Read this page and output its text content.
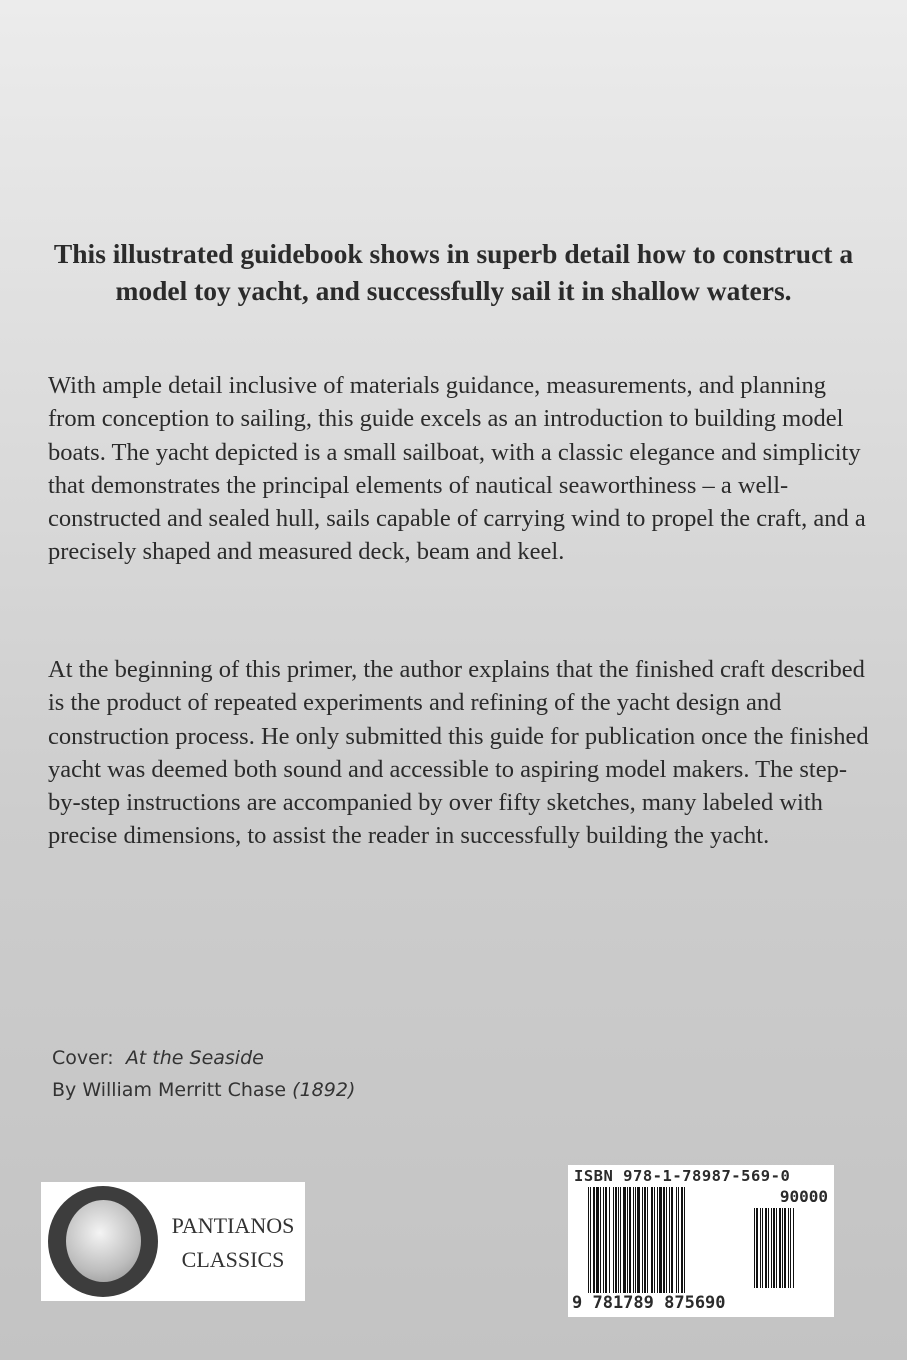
This illustrated guidebook shows in superb detail how to construct a model toy yacht, and successfully sail it in shallow waters.
With ample detail inclusive of materials guidance, measurements, and planning from conception to sailing, this guide excels as an introduction to building model boats. The yacht depicted is a small sailboat, with a classic elegance and simplicity that demonstrates the principal elements of nautical seaworthiness – a well-constructed and sealed hull, sails capable of carrying wind to propel the craft, and a precisely shaped and measured deck, beam and keel.
At the beginning of this primer, the author explains that the finished craft described is the product of repeated experiments and refining of the yacht design and construction process. He only submitted this guide for publication once the finished yacht was deemed both sound and accessible to aspiring model makers. The step-by-step instructions are accompanied by over fifty sketches, many labeled with precise dimensions, to assist the reader in successfully building the yacht.
Cover: At the Seaside
By William Merritt Chase (1892)
PANTIANOS
CLASSICS
ISBN 978-1-78987-569-0
90000
9 781789 875690
